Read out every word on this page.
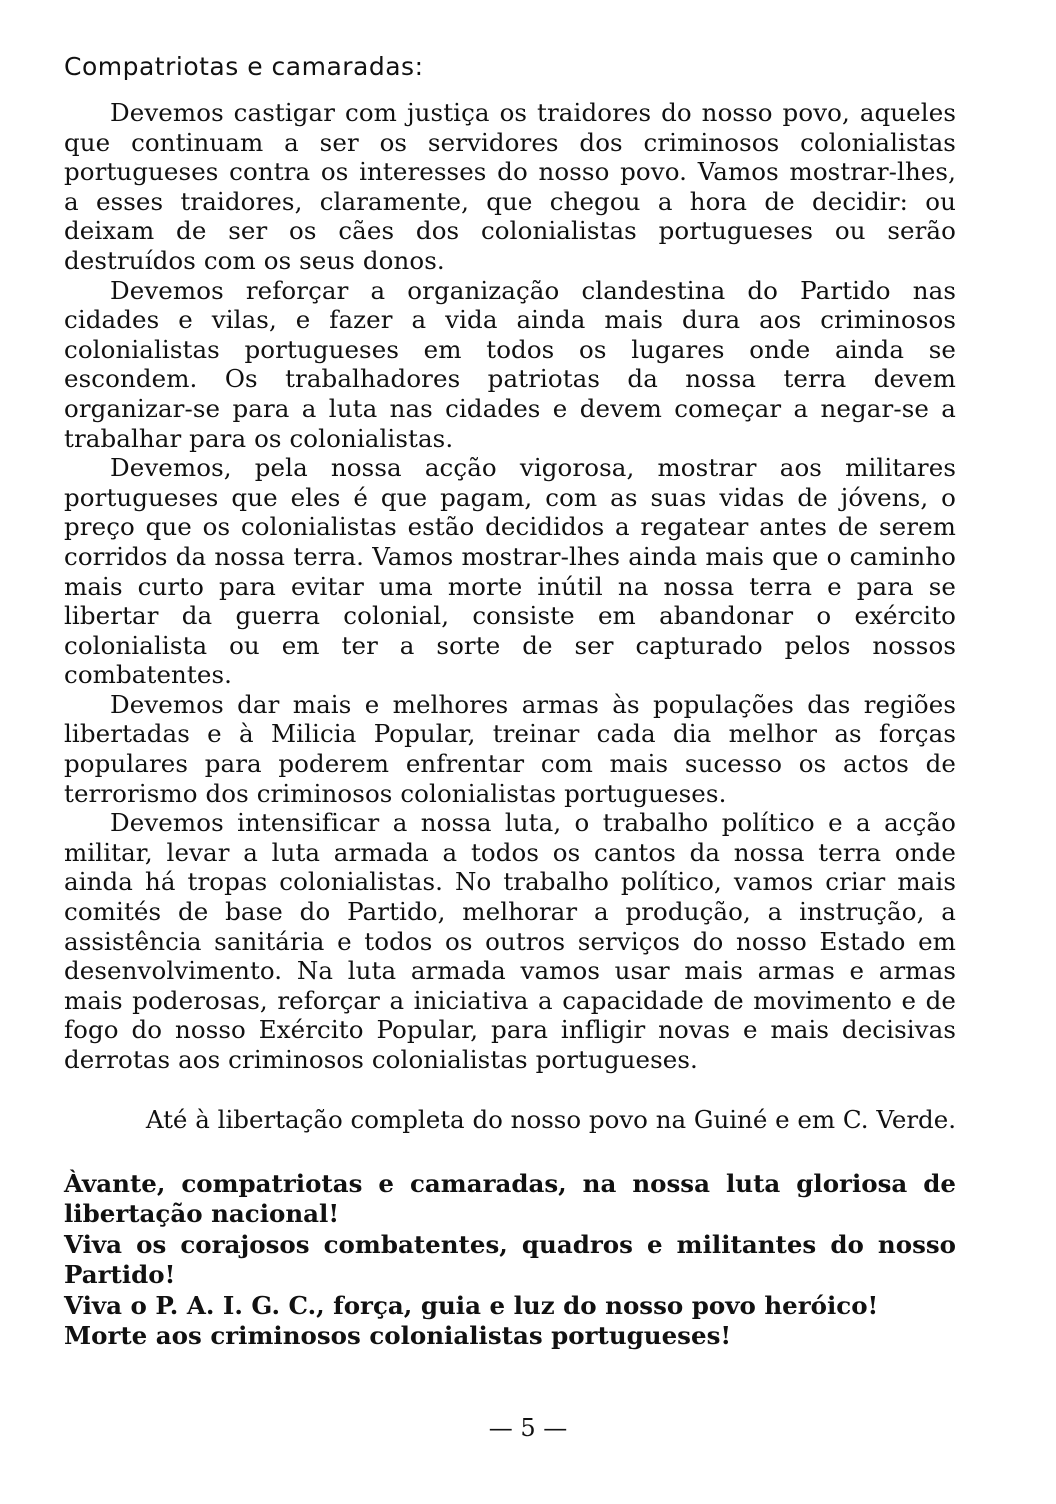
Compatriotas e camaradas:

Devemos castigar com justiça os traidores do nosso povo, aqueles que continuam a ser os servidores dos criminosos colonialistas portugueses contra os interesses do nosso povo. Vamos mostrar-lhes, a esses traidores, claramente, que chegou a hora de decidir: ou deixam de ser os cães dos colonialistas portugueses ou serão destruídos com os seus donos.

Devemos reforçar a organização clandestina do Partido nas cidades e vilas, e fazer a vida ainda mais dura aos criminosos colonialistas portugueses em todos os lugares onde ainda se escondem. Os trabalhadores patriotas da nossa terra devem organizar-se para a luta nas cidades e devem começar a negar-se a trabalhar para os colonialistas.

Devemos, pela nossa acção vigorosa, mostrar aos militares portugueses que eles é que pagam, com as suas vidas de jóvens, o preço que os colonialistas estão decididos a regatear antes de serem corridos da nossa terra. Vamos mostrar-lhes ainda mais que o caminho mais curto para evitar uma morte inútil na nossa terra e para se libertar da guerra colonial, consiste em abandonar o exército colonialista ou em ter a sorte de ser capturado pelos nossos combatentes.

Devemos dar mais e melhores armas às populações das regiões libertadas e à Milicia Popular, treinar cada dia melhor as forças populares para poderem enfrentar com mais sucesso os actos de terrorismo dos criminosos colonialistas portugueses.

Devemos intensificar a nossa luta, o trabalho político e a acção militar, levar a luta armada a todos os cantos da nossa terra onde ainda há tropas colonialistas. No trabalho político, vamos criar mais comités de base do Partido, melhorar a produção, a instrução, a assistência sanitária e todos os outros serviços do nosso Estado em desenvolvimento. Na luta armada vamos usar mais armas e armas mais poderosas, reforçar a iniciativa a capacidade de movimento e de fogo do nosso Exército Popular, para infligir novas e mais decisivas derrotas aos criminosos colonialistas portugueses.

Até à libertação completa do nosso povo na Guiné e em C. Verde.

Àvante, compatriotas e camaradas, na nossa luta gloriosa de libertação nacional!

Viva os corajosos combatentes, quadros e militantes do nosso Partido!

Viva o P. A. I. G. C., força, guia e luz do nosso povo heróico!

Morte aos criminosos colonialistas portugueses!

— 5 —
